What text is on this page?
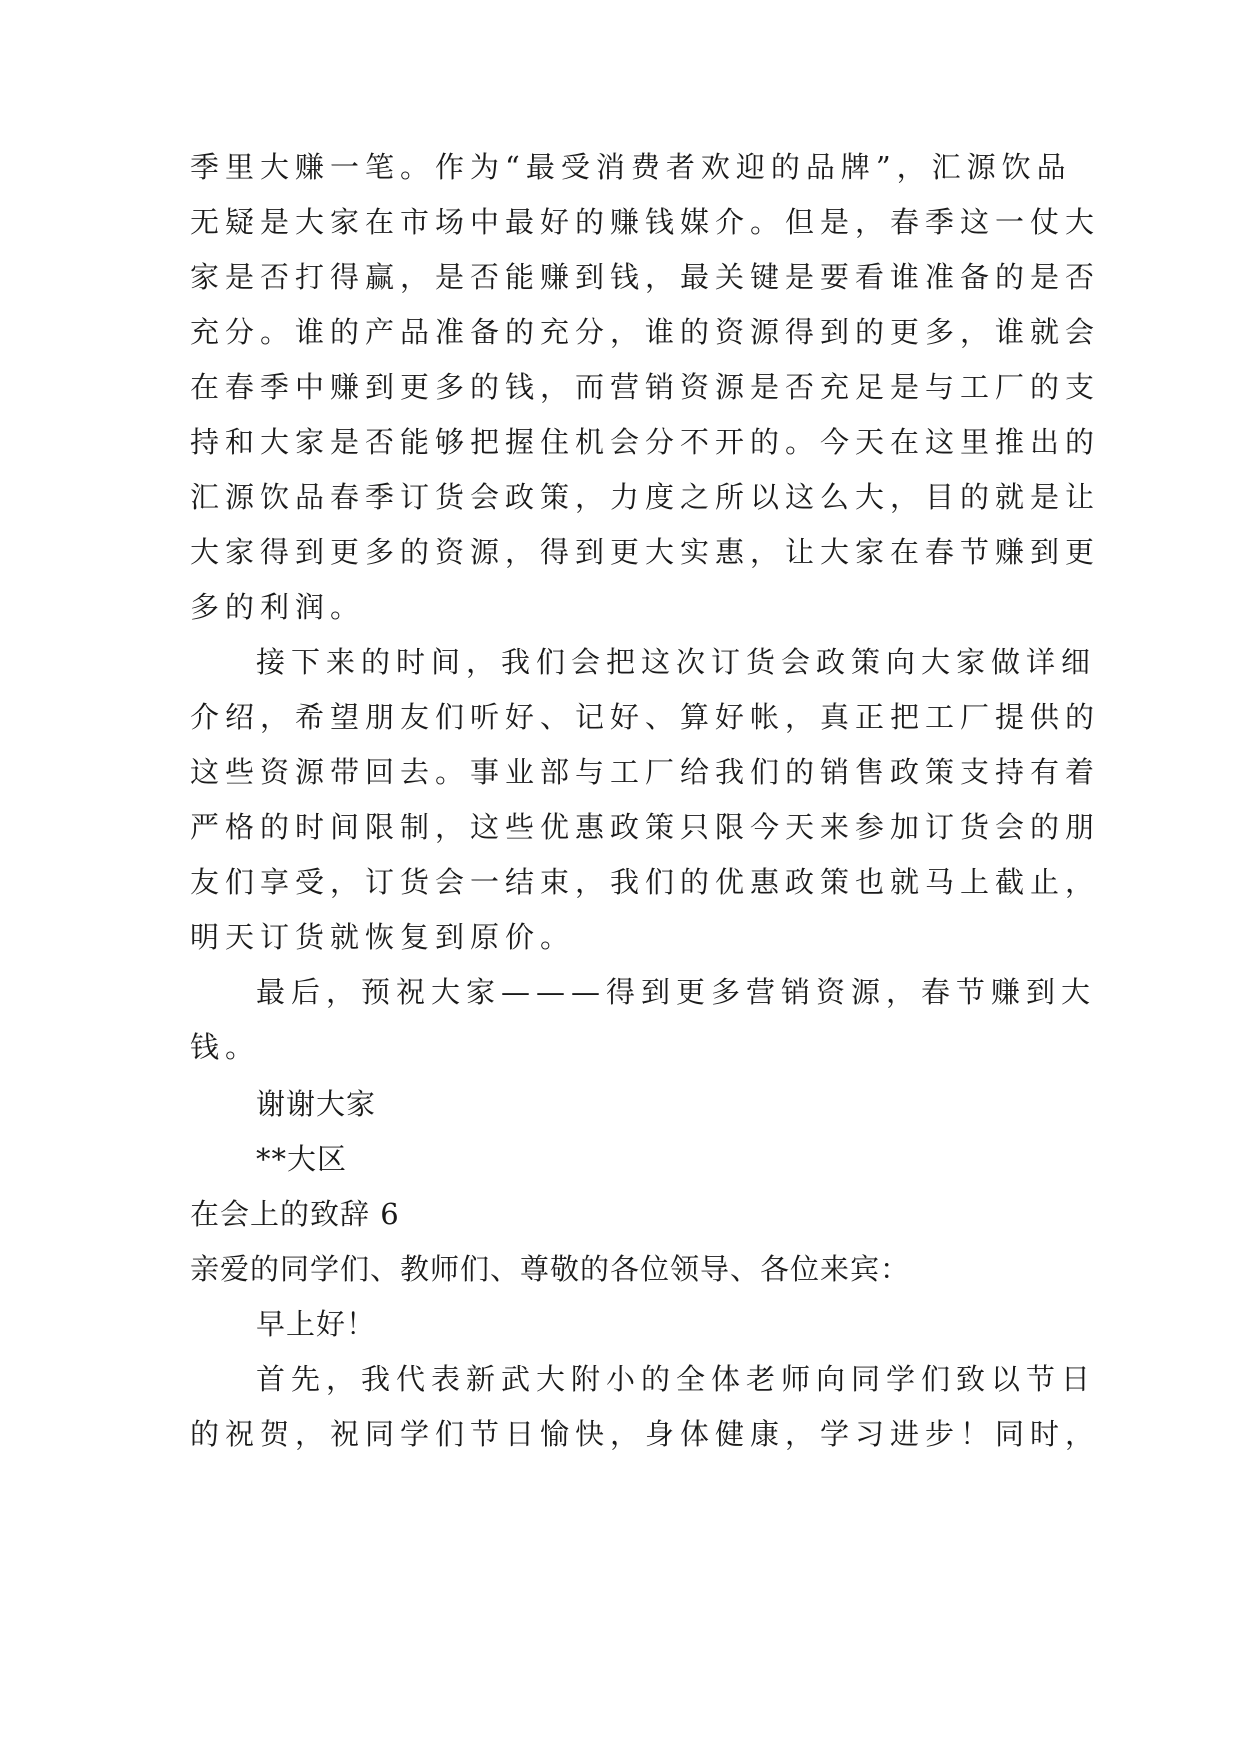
季里大赚一笔。作为“最受消费者欢迎的品牌”，汇源饮品
无疑是大家在市场中最好的赚钱媒介。但是，春季这一仗大
家是否打得赢，是否能赚到钱，最关键是要看谁准备的是否
充分。谁的产品准备的充分，谁的资源得到的更多，谁就会
在春季中赚到更多的钱，而营销资源是否充足是与工厂的支
持和大家是否能够把握住机会分不开的。今天在这里推出的
汇源饮品春季订货会政策，力度之所以这么大，目的就是让
大家得到更多的资源，得到更大实惠，让大家在春节赚到更
多的利润。
接下来的时间，我们会把这次订货会政策向大家做详细
介绍，希望朋友们听好、记好、算好帐，真正把工厂提供的
这些资源带回去。事业部与工厂给我们的销售政策支持有着
严格的时间限制，这些优惠政策只限今天来参加订货会的朋
友们享受，订货会一结束，我们的优惠政策也就马上截止，
明天订货就恢复到原价。
最后，预祝大家———得到更多营销资源，春节赚到大
钱。
谢谢大家
**大区
在会上的致辞 6
亲爱的同学们、教师们、尊敬的各位领导、各位来宾：
早上好！
首先，我代表新武大附小的全体老师向同学们致以节日
的祝贺，祝同学们节日愉快，身体健康，学习进步！同时，
